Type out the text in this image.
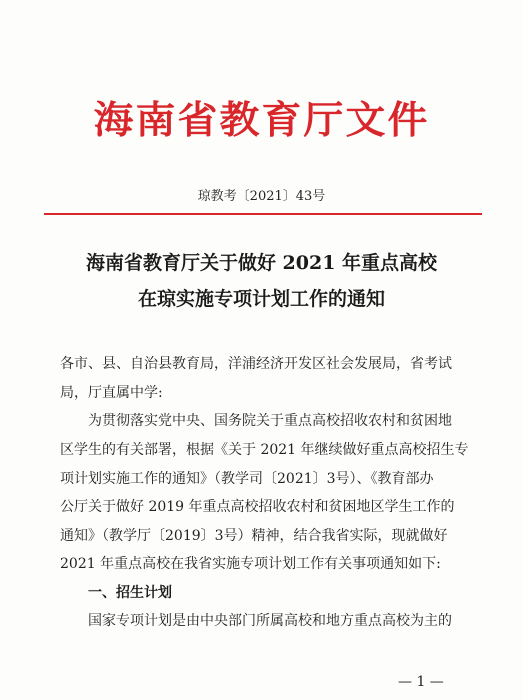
海南省教育厅文件
琼教考〔2021〕43号
海南省教育厅关于做好 2021 年重点高校
在琼实施专项计划工作的通知
各市、县、自治县教育局，洋浦经济开发区社会发展局，省考试
局，厅直属中学:
为贯彻落实党中央、国务院关于重点高校招收农村和贫困地
区学生的有关部署，根据《关于 2021 年继续做好重点高校招生专
项计划实施工作的通知》（教学司〔2021〕3号）、《教育部办
公厅关于做好 2019 年重点高校招收农村和贫困地区学生工作的
通知》（教学厅〔2019〕3号）精神，结合我省实际，现就做好
2021 年重点高校在我省实施专项计划工作有关事项通知如下:
一、招生计划
国家专项计划是由中央部门所属高校和地方重点高校为主的
— 1 —
